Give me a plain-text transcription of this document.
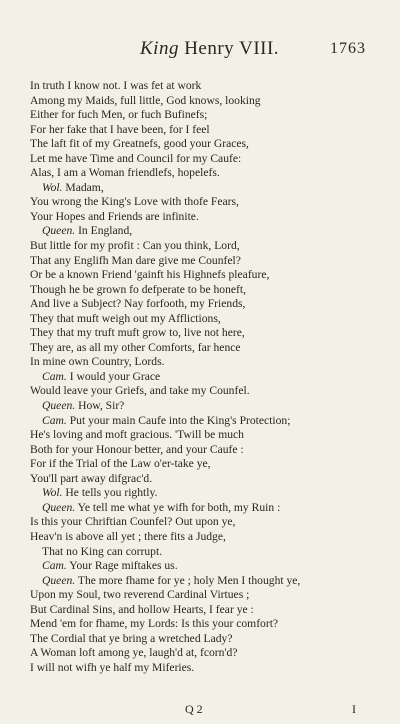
King Henry VIII.	1763
In truth I know not. I was fet at work
Among my Maids, full little, God knows, looking
Either for fuch Men, or fuch Bufinefs;
For her fake that I have been, for I feel
The laft fit of my Greatnefs, good your Graces,
Let me have Time and Council for my Caufe:
Alas, I am a Woman friendlefs, hopelefs.
Wol. Madam,
You wrong the King's Love with thofe Fears,
Your Hopes and Friends are infinite.
Queen. In England,
But little for my profit : Can you think, Lord,
That any Englifh Man dare give me Counfel?
Or be a known Friend 'gainft his Highnefs pleafure,
Though he be grown fo defperate to be honeft,
And live a Subject? Nay forfooth, my Friends,
They that muft weigh out my Afflictions,
They that my truft muft grow to, live not here,
They are, as all my other Comforts, far hence
In mine own Country, Lords.
Cam. I would your Grace
Would leave your Griefs, and take my Counfel.
Queen. How, Sir?
Cam. Put your main Caufe into the King's Protection;
He's loving and moft gracious. 'Twill be much
Both for your Honour better, and your Caufe :
For if the Trial of the Law o'er-take ye,
You'll part away difgrac'd.
Wol. He tells you rightly.
Queen. Ye tell me what ye wifh for both, my Ruin :
Is this your Chriftian Counfel? Out upon ye,
Heav'n is above all yet ; there fits a Judge,
That no King can corrupt.
Cam. Your Rage miftakes us.
Queen. The more fhame for ye ; holy Men I thought ye,
Upon my Soul, two reverend Cardinal Virtues ;
But Cardinal Sins, and hollow Hearts, I fear ye :
Mend 'em for fhame, my Lords: Is this your comfort?
The Cordial that ye bring a wretched Lady?
A Woman loft among ye, laugh'd at, fcorn'd?
I will not wifh ye half my Miferies.
Q 2	I
